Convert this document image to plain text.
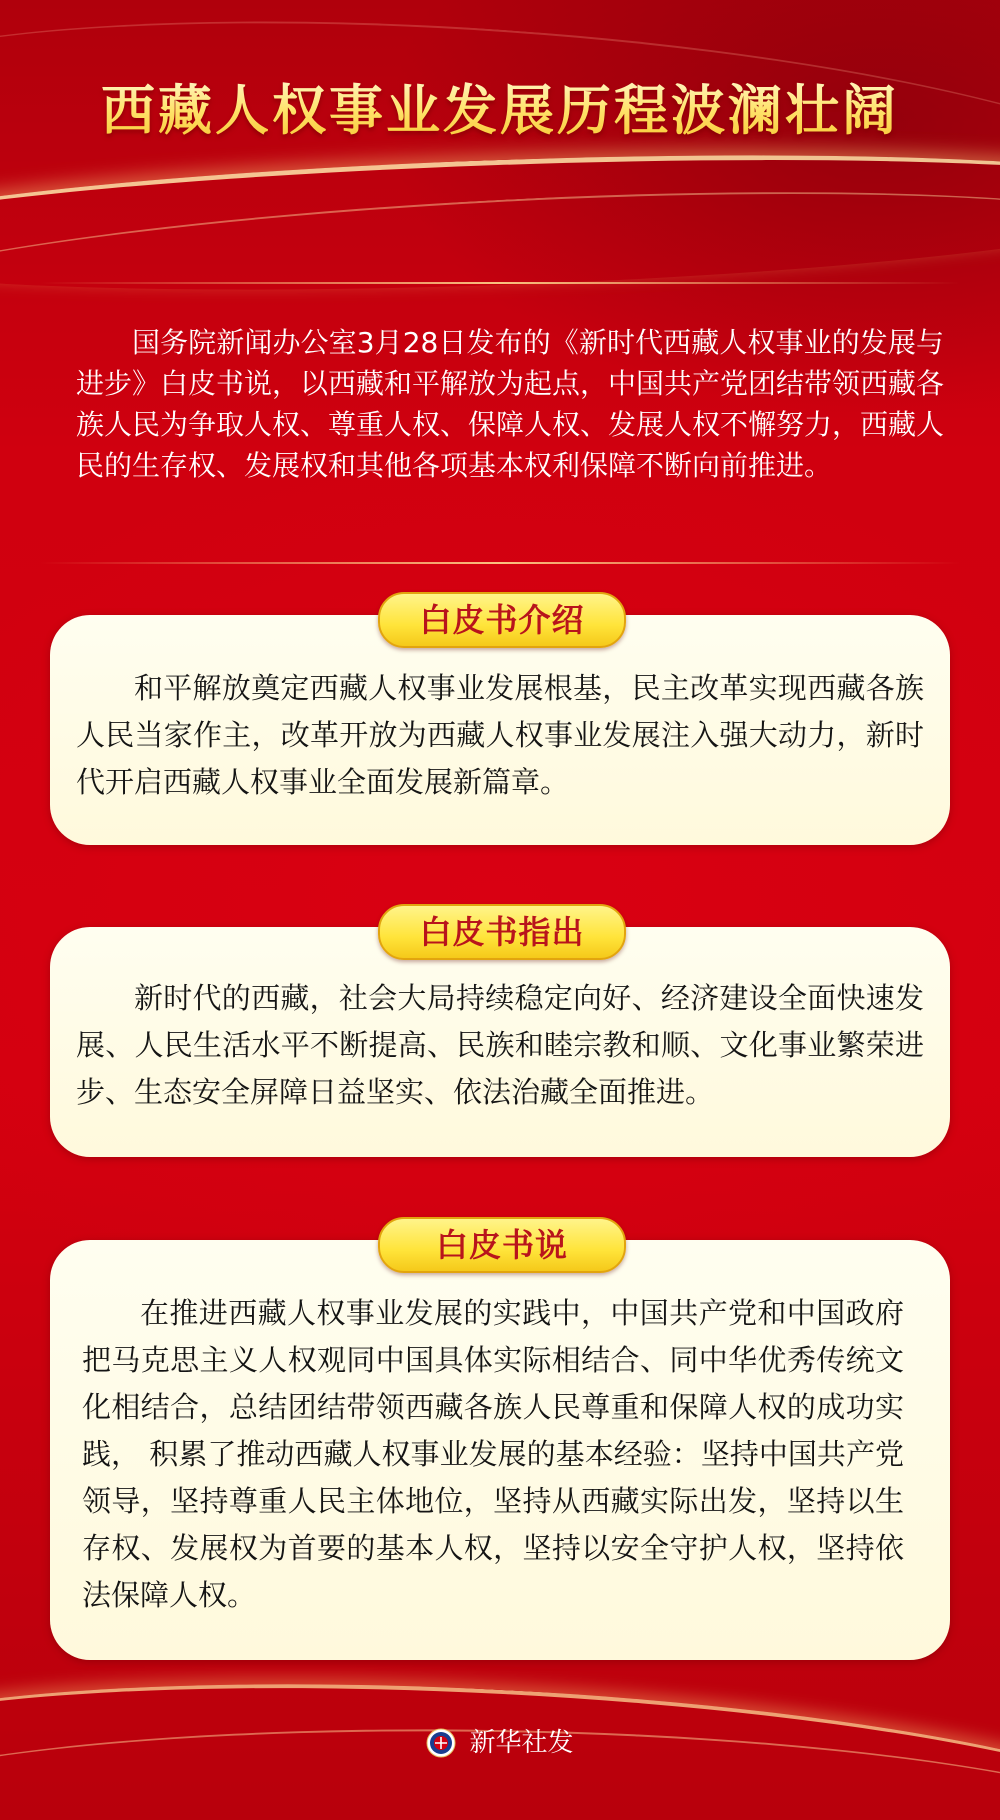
西藏人权事业发展历程波澜壮阔

国务院新闻办公室3月28日发布的《新时代西藏人权事业的发展与进步》白皮书说，以西藏和平解放为起点，中国共产党团结带领西藏各族人民为争取人权、尊重人权、保障人权、发展人权不懈努力，西藏人民的生存权、发展权和其他各项基本权利保障不断向前推进。

和平解放奠定西藏人权事业发展根基，民主改革实现西藏各族人民当家作主，改革开放为西藏人权事业发展注入强大动力，新时代开启西藏人权事业全面发展新篇章。

白皮书介绍

新时代的西藏，社会大局持续稳定向好、经济建设全面快速发展、人民生活水平不断提高、民族和睦宗教和顺、文化事业繁荣进步、生态安全屏障日益坚实、依法治藏全面推进。

白皮书指出

在推进西藏人权事业发展的实践中，中国共产党和中国政府把马克思主义人权观同中国具体实际相结合、同中华优秀传统文化相结合，总结团结带领西藏各族人民尊重和保障人权的成功实践， 积累了推动西藏人权事业发展的基本经验：坚持中国共产党领导，坚持尊重人民主体地位，坚持从西藏实际出发，坚持以生存权、发展权为首要的基本人权，坚持以安全守护人权，坚持依法保障人权。

白皮书说
新华社发
